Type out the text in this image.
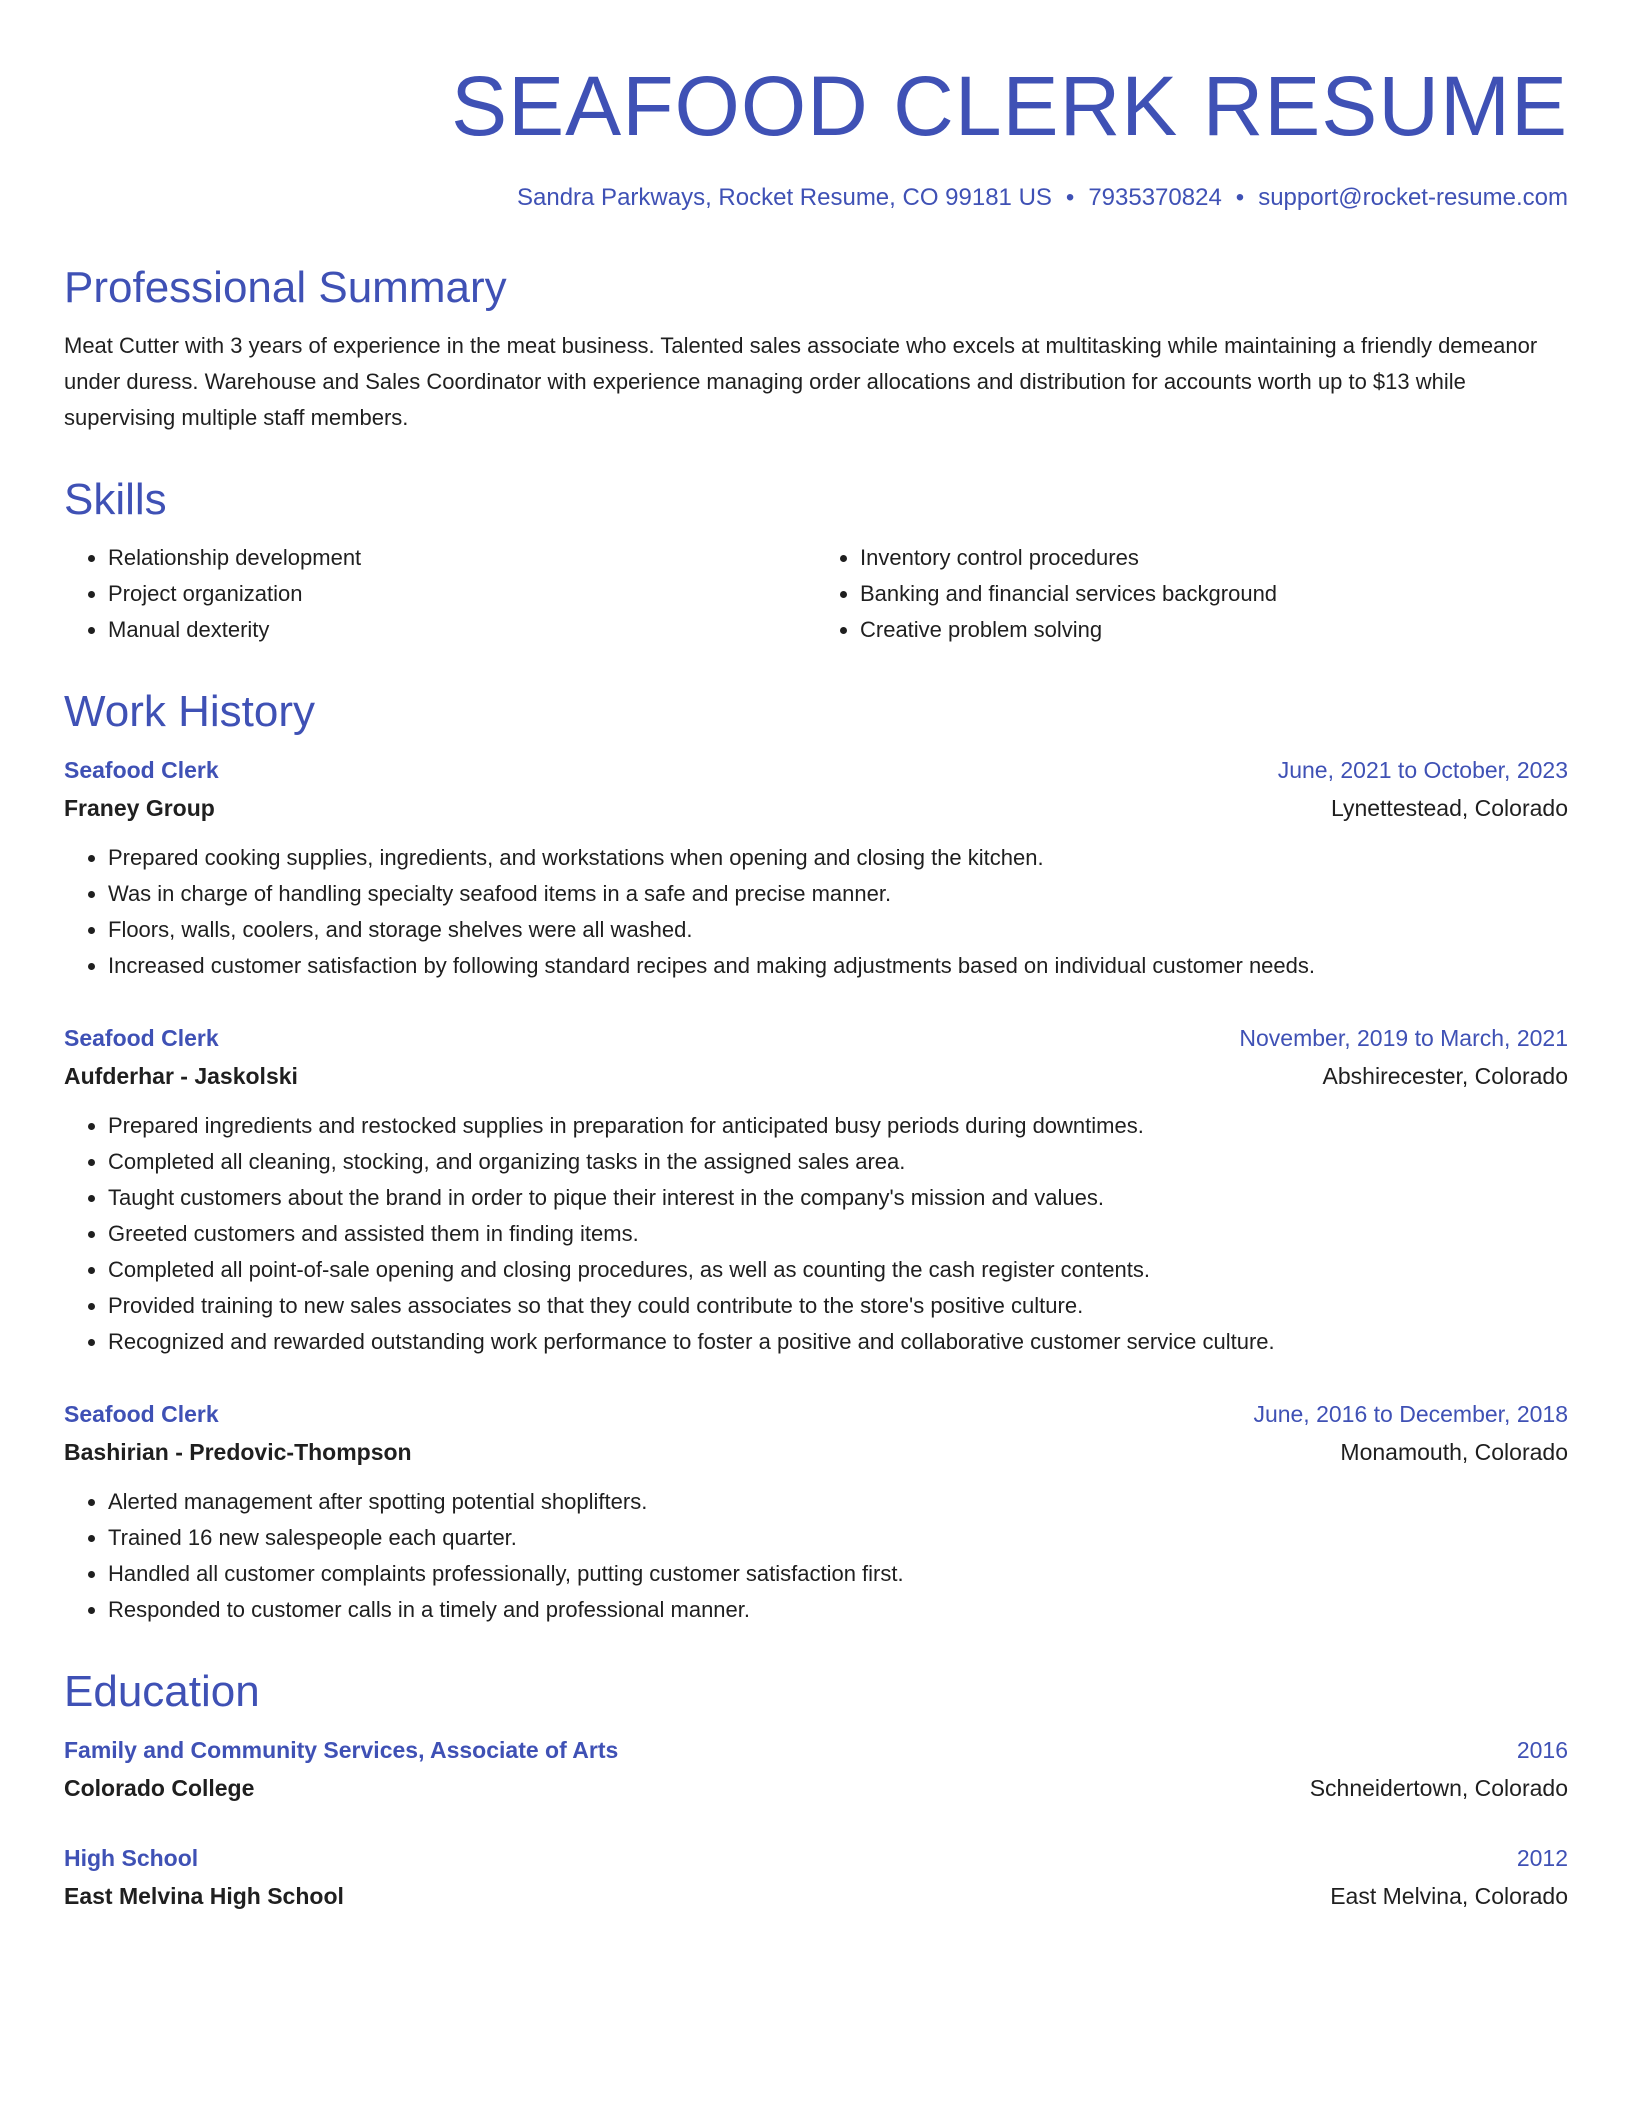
SEAFOOD CLERK RESUME
Sandra Parkways, Rocket Resume, CO 99181 US • 7935370824 • support@rocket-resume.com
Professional Summary

Meat Cutter with 3 years of experience in the meat business. Talented sales associate who excels at multitasking while maintaining a friendly demeanor under duress. Warehouse and Sales Coordinator with experience managing order allocations and distribution for accounts worth up to $13 while supervising multiple staff members.

Skills
• Relationship development
• Project organization
• Manual dexterity
• Inventory control procedures
• Banking and financial services background
• Creative problem solving
Work History
Seafood Clerk	June, 2021 to October, 2023
Franey Group	Lynettestead, Colorado
• Prepared cooking supplies, ingredients, and workstations when opening and closing the kitchen.
• Was in charge of handling specialty seafood items in a safe and precise manner.
• Floors, walls, coolers, and storage shelves were all washed.
• Increased customer satisfaction by following standard recipes and making adjustments based on individual customer needs.
Seafood Clerk	November, 2019 to March, 2021
Aufderhar - Jaskolski	Abshirecester, Colorado
• Prepared ingredients and restocked supplies in preparation for anticipated busy periods during downtimes.
• Completed all cleaning, stocking, and organizing tasks in the assigned sales area.
• Taught customers about the brand in order to pique their interest in the company's mission and values.
• Greeted customers and assisted them in finding items.
• Completed all point-of-sale opening and closing procedures, as well as counting the cash register contents.
• Provided training to new sales associates so that they could contribute to the store's positive culture.
• Recognized and rewarded outstanding work performance to foster a positive and collaborative customer service culture.
Seafood Clerk	June, 2016 to December, 2018
Bashirian - Predovic-Thompson	Monamouth, Colorado
• Alerted management after spotting potential shoplifters.
• Trained 16 new salespeople each quarter.
• Handled all customer complaints professionally, putting customer satisfaction first.
• Responded to customer calls in a timely and professional manner.
Education
Family and Community Services, Associate of Arts	2016
Colorado College	Schneidertown, Colorado
High School	2012
East Melvina High School	East Melvina, Colorado
